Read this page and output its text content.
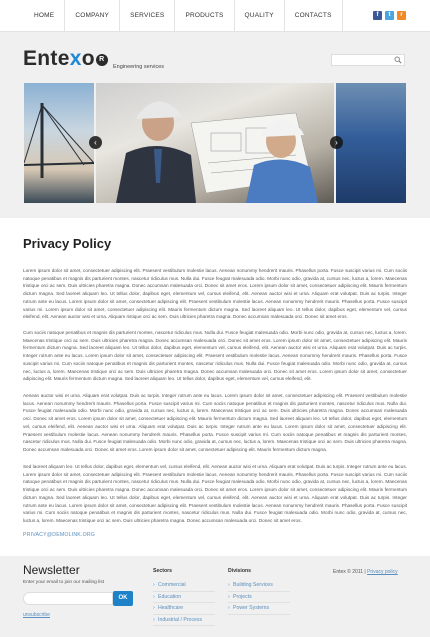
HOME	COMPANY	SERVICES	PRODUCTS	QUALITY	CONTACTS	f	t	r
Entexo R
Engineering services
‹	›
Privacy Policy

Lorem ipsum dolor sit amet, consectetuer adipiscing elit. Praesent vestibulum molestie lacus. Aenean nonummy hendrerit mauris. Phasellus porta. Fusce suscipit varius mi. Cum sociis natoque penatibus et magnis dis parturient montes, nascetur ridiculus mus. Nulla dui. Fusce feugiat malesuada odio. Morbi nunc odio, gravida at, cursus nec, luctus a, lorem. Maecenas tristique orci ac sem. Duis ultricies pharetra magna. Donec accumsan malesuada orci. Donec sit amet eros. Lorem ipsum dolor sit amet, consectetuer adipiscing elit. Mauris fermentum dictum magna. Sed laoreet aliquam leo. Ut tellus dolor, dapibus eget, elementum vel, cursus eleifend, elit. Aenean auctor wisi et urna. Aliquam erat volutpat. Duis ac turpis. Integer rutrum ante eu lacus. Lorem ipsum dolor sit amet, consectetuer adipiscing elit. Praesent vestibulum molestie lacus. Aenean nonummy hendrerit mauris. Phasellus porta. Fusce suscipit varius mi. Lorem ipsum dolor sit amet, consectetuer adipiscing elit. Mauris fermentum dictum magna. Sed laoreet aliquam leo. Ut tellus dolor, dapibus eget, elementum vel, cursus eleifend, elit. Aenean auctor wisi et urna. Aliquam ristique orci ac sem. Duis ultricies pharetra magna. Donec accumsan malesuada orci. Donec sit amet eros.

Cum sociis natoque penatibus et magnis dis parturient montes, nascetur ridiculus mus. Nulla dui. Fusce feugiat malesuada odio. Morbi nunc odio, gravida at, cursus nec, luctus a, lorem. Maecenas tristique orci ac sem. Duis ultricies pharetra magna. Donec accumsan malesuada orci. Donec sit amet eros. Lorem ipsum dolor sit amet, consectetuer adipiscing elit. Mauris fermentum dictum magna. Sed laoreet aliquam leo. Ut tellus dolor, dapibus eget, elementum vel, cursus eleifend, elit. Aenean auctor wisi et urna. Aliquam erat volutpat. Duis ac turpis. Integer rutrum ante eu lacus. Lorem ipsum dolor sit amet, consectetuer adipiscing elit. Praesent vestibulum molestie lacus. Aenean nonummy hendrerit mauris. Phasellus porta. Fusce suscipit varius mi. Cum sociis natoque penatibus et magnis dis parturient montes, nascetur ridiculus mus. Nulla dui. Fusce feugiat malesuada odio. Morbi nunc odio, gravida at, cursus nec, luctus a, lorem. Maecenas tristique orci ac sem. Duis ultricies pharetra magna. Donec accumsan malesuada orci. Donec sit amet eros. Lorem ipsum dolor sit amet, consectetuer adipiscing elit. Mauris fermentum dictum magna. Sed laoreet aliquam leo. Ut tellus dolor, dapibus eget, elementum vel, cursus eleifend, elit.

Aenean auctor wisi et urna. Aliquam erat volutpat. Duis ac turpis. Integer rutrum ante eu lacus. Lorem ipsum dolor sit amet, consectetuer adipiscing elit. Praesent vestibulum molestie lacus. Aenean nonummy hendrerit mauris. Phasellus porta. Fusce suscipit varius mi. Cum sociis natoque penatibus et magnis dis parturient montes, nascetur ridiculus mus. Nulla dui. Fusce feugiat malesuada odio. Morbi nunc odio, gravida at, cursus nec, luctus a, lorem. Maecenas tristique orci ac sem. Duis ultricies pharetra magna. Donec accumsan malesuada orci. Donec sit amet eros. Lorem ipsum dolor sit amet, consectetuer adipiscing elit. Mauris fermentum dictum magna. Sed laoreet aliquam leo. Ut tellus dolor, dapibus eget, elementum vel, cursus eleifend, elit. Aenean auctor wisi et urna. Aliquam erat volutpat. Duis ac turpis. Integer rutrum ante eu lacus. Lorem ipsum dolor sit amet, consectetuer adipiscing elit. Praesent vestibulum molestie lacus. Aenean nonummy hendrerit mauris. Phasellus porta. Fusce suscipit varius mi. Cum sociis natoque penatibus et magnis dis parturient montes, nascetur ridiculus mus. Nulla dui. Fusce feugiat malesuada odio. Morbi nunc odio, gravida at, cursus nec, luctus a, lorem. Maecenas tristique orci ac sem. Duis ultricies pharetra magna. Donec accumsan malesuada orci. Donec sit amet eros. Lorem ipsum dolor sit amet, consectetuer adipiscing elit. Mauris fermentum dictum magna.

Sed laoreet aliquam leo. Ut tellus dolor, dapibus eget, elementum vel, cursus eleifend, elit. Aenean auctor wisi et urna. Aliquam erat volutpat. Duis ac turpis. Integer rutrum ante eu lacus. Lorem ipsum dolor sit amet, consectetuer adipiscing elit. Praesent vestibulum molestie lacus. Aenean nonummy hendrerit mauris. Phasellus porta. Fusce suscipit varius mi. Cum sociis natoque penatibus et magnis dis parturient montes, nascetur ridiculus mus. Nulla dui. Fusce feugiat malesuada odio. Morbi nunc odio, gravida at, cursus nec, luctus a, lorem. Maecenas tristique orci ac sem. Duis ultricies pharetra magna. Donec accumsan malesuada orci. Donec sit amet eros. Lorem ipsum dolor sit amet, consectetuer adipiscing elit. Mauris fermentum dictum magna. Sed laoreet aliquam leo. Ut tellus dolor, dapibus eget, elementum vel, cursus eleifend, elit. Aenean auctor wisi et urna. Aliquam erat volutpat. Duis ac turpis. Integer rutrum ante eu lacus. Lorem ipsum dolor sit amet, consectetuer adipiscing elit. Praesent vestibulum molestie lacus. Aenean nonummy hendrerit mauris. Phasellus porta. Fusce suscipit varius mi. Cum sociis natoque penatibus et magnis dis parturient montes, nascetur ridiculus mus. Nulla dui. Fusce feugiat malesuada odio. Morbi nunc odio, gravida at, cursus nec, luctus a, lorem. Maecenas tristique orci ac sem. Duis ultricies pharetra magna. Donec accumsan malesuada orci. Donec sit amet eros.

PRIVACY@DEMOLINK.ORG
Newsletter
Enter your email to join our mailing list
OK
unsubscribe
Sectors
› Commercial
› Education
› Healthcare
› Industrial / Process
Divisions
› Building Services
› Projects
› Power Systems
Entex © 2011 | Privacy policy
